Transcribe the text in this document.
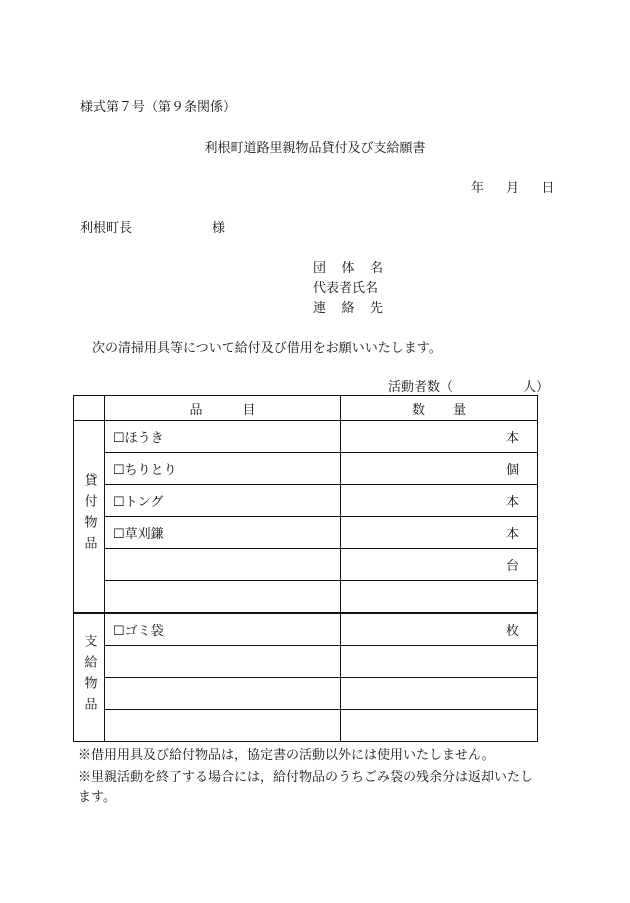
様式第７号（第９条関係）
利根町道路里親物品貸付及び支給願書
年 月 日
利根町長	様
団 体 名
代表者氏名
連 絡 先
次の清掃用具等について給付及び借用をお願いいたします。
活動者数（	人）

	品 目	数 量

貸付物品	☐ほうき	本
	☐ちりとり	個
	☐トング	本
	☐草刈鎌	本
		台

支給物品	☐ゴミ袋	枚

※借用用具及び給付物品は，協定書の活動以外には使用いたしません。
※里親活動を終了する場合には，給付物品のうちごみ袋の残余分は返却いたし
ます。
